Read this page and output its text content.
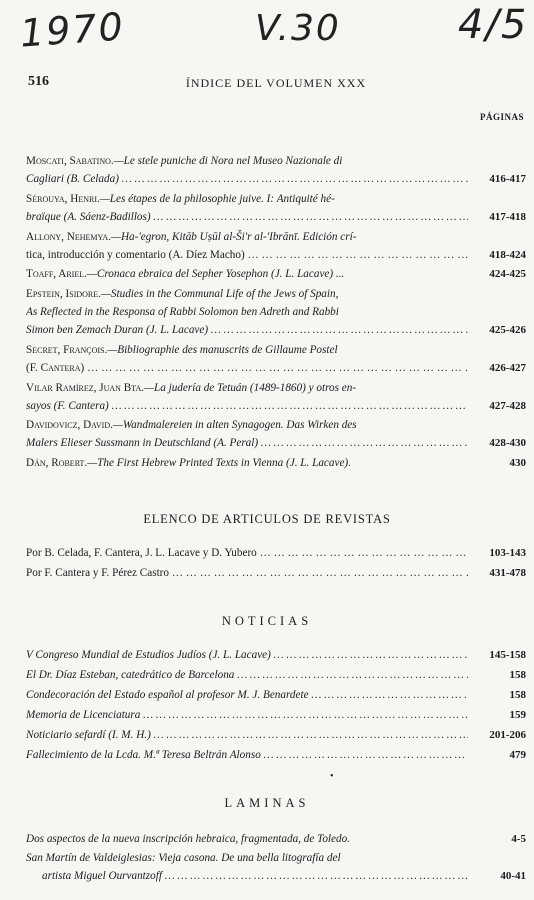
1970	V.30	4/5
516	ÍNDICE DEL VOLUMEN XXX
PÁGINAS
Moscati, Sabatino.—Le stele puniche di Nora nel Museo Nazionale di
Cagliari (B. Celada) … … … … … … … … … … … … … … … … … … … … … … … … … … … … … … … … … … … … …	416-417
Sérouya, Henri.—Les étapes de la philosophie juive. I: Antiquité hé-
braïque (A. Sáenz-Badillos) … … … … … … … … … … … … … … … … … … … … … … … … … … … … … … … … … … … … …	417-418
Allony, Nehemya.—Ha-'egron, Kitāb Uṣūl al-Ši'r al-'Ibrānī. Edición crí-
tica, introducción y comentario (A. Díez Macho) … … … … … … … … … … … … … … … … … … … … … … … … … … … … … … … … … … … … …	418-424
Toaff, Ariel.—Cronaca ebraica del Sepher Yosephon (J. L. Lacave) ...	424-425
Epstein, Isidore.—Studies in the Communal Life of the Jews of Spain,
As Reflected in the Responsa of Rabbi Solomon ben Adreth and Rabbi
Simon ben Zemach Duran (J. L. Lacave) … … … … … … … … … … … … … … … … … … … … … … … … … … … … … … … … … … … … …	425-426
Secret, François.—Bibliographie des manuscrits de Gillaume Postel
(F. Cantera) … … … … … … … … … … … … … … … … … … … … … … … … … … … … … … … … … … … … …	426-427
Vilar Ramírez, Juan Bta.—La judería de Tetuán (1489-1860) y otros en-
sayos (F. Cantera) … … … … … … … … … … … … … … … … … … … … … … … … … … … … … … … … … … … … …	427-428
Davidovicz, David.—Wandmalereien in alten Synagogen. Das Wirken des
Malers Elieser Sussmann in Deutschland (A. Peral) … … … … … … … … … … … … … … … … … … … … … … … … … … … … … … … … … … … … …	428-430
Dán, Robert.—The First Hebrew Printed Texts in Vienna (J. L. Lacave).	430
ELENCO DE ARTICULOS DE REVISTAS
Por B. Celada, F. Cantera, J. L. Lacave y D. Yubero … … … … … … … … … … … … … … … … … … … … … … … … … … … … … … … … … … … … …	103-143
Por F. Cantera y F. Pérez Castro … … … … … … … … … … … … … … … … … … … … … … … … … … … … … … … … … … … … …	431-478
NOTICIAS
V Congreso Mundial de Estudios Judíos (J. L. Lacave) … … … … … … … … … … … … … … … … … … … … … … … … … … … … … … … … … … … … …	145-158
El Dr. Díaz Esteban, catedrático de Barcelona … … … … … … … … … … … … … … … … … … … … … … … … … … … … … … … … … … … … …	158
Condecoración del Estado español al profesor M. J. Benardete … … … … … … … … … … … … … … … … … … … … … … … … … … … … … … … … … … … … …	158
Memoria de Licenciatura … … … … … … … … … … … … … … … … … … … … … … … … … … … … … … … … … … … … …	159
Noticiario sefardí (I. M. H.) … … … … … … … … … … … … … … … … … … … … … … … … … … … … … … … … … … … … …	201-206
Fallecimiento de la Lcda. M.ª Teresa Beltrán Alonso … … … … … … … … … … … … … … … … … … … … … … … … … … … … … … … … … … … … …	479
•
LAMINAS
Dos aspectos de la nueva inscripción hebraica, fragmentada, de Toledo.	4-5
San Martín de Valdeiglesias: Vieja casona. De una bella litografía del
artista Miguel Ourvantzoff … … … … … … … … … … … … … … … … … … … … … … … … … … … … … … … … … … … … …	40-41
